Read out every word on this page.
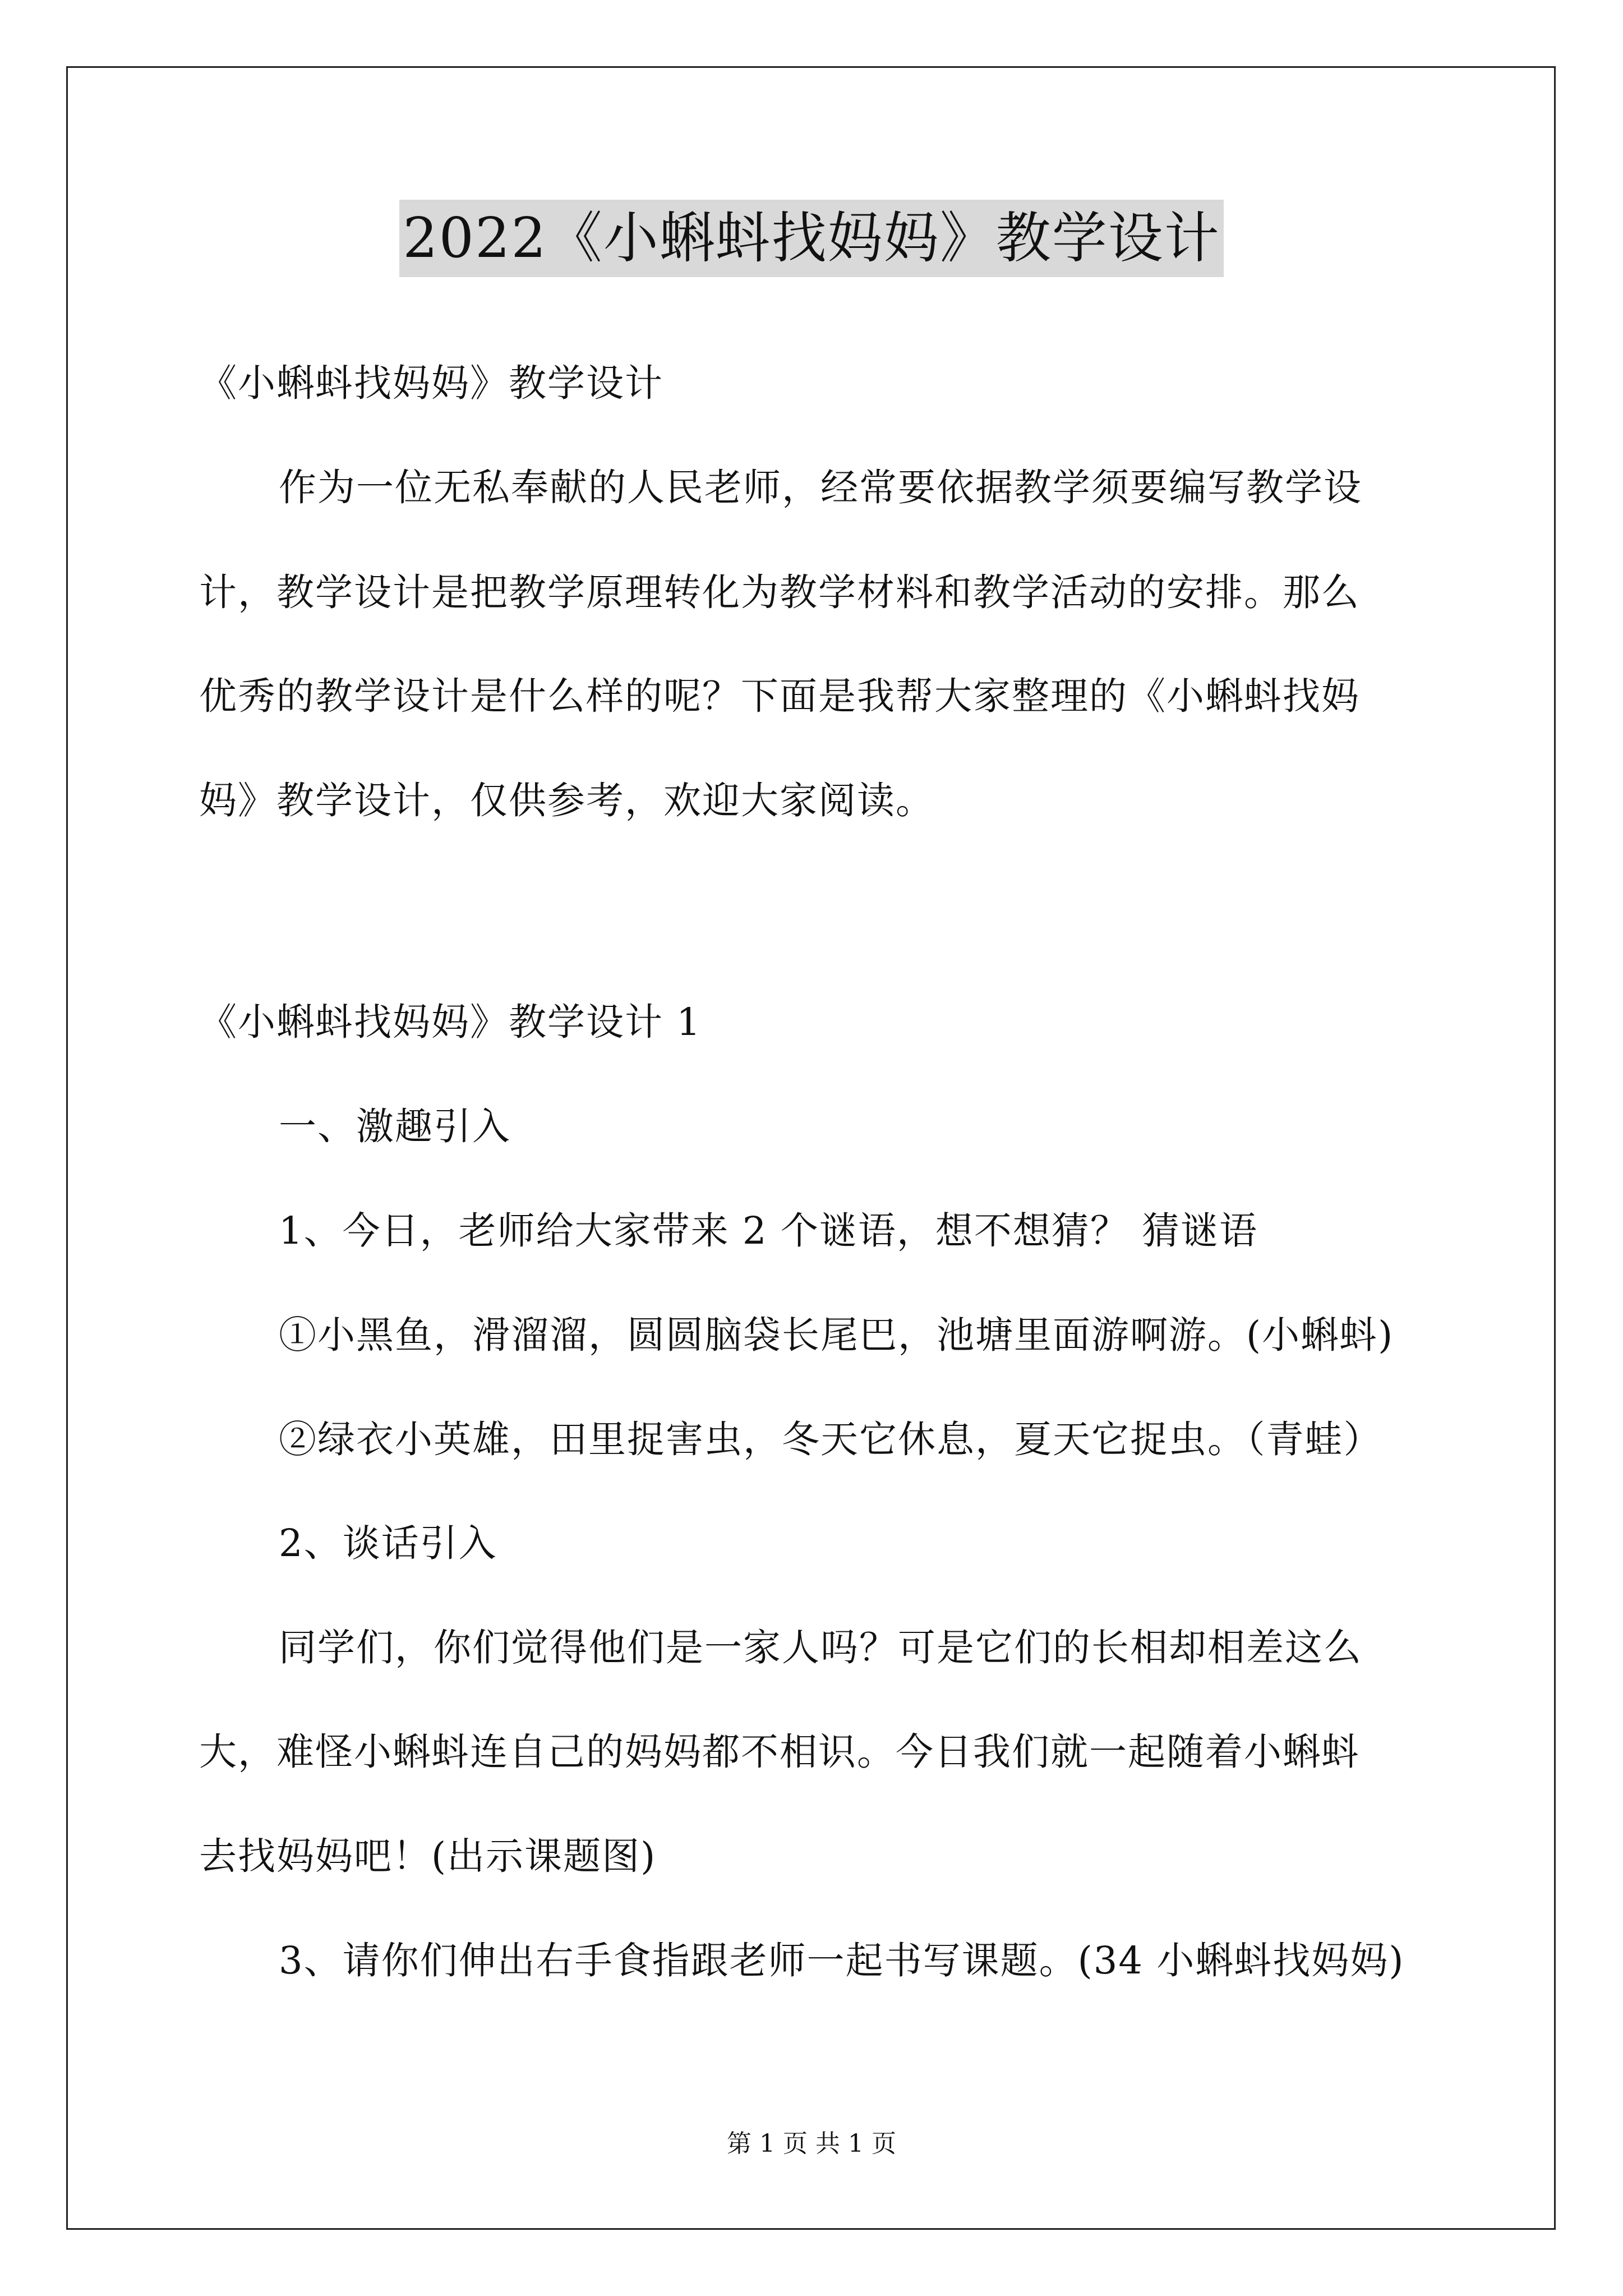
2022《小蝌蚪找妈妈》教学设计
《小蝌蚪找妈妈》教学设计
作为一位无私奉献的人民老师，经常要依据教学须要编写教学设
计，教学设计是把教学原理转化为教学材料和教学活动的安排。那么
优秀的教学设计是什么样的呢？下面是我帮大家整理的《小蝌蚪找妈
妈》教学设计，仅供参考，欢迎大家阅读。
《小蝌蚪找妈妈》教学设计 1
一、激趣引入
1、今日，老师给大家带来 2 个谜语，想不想猜？ 猜谜语
①小黑鱼，滑溜溜，圆圆脑袋长尾巴，池塘里面游啊游。(小蝌蚪)
②绿衣小英雄，田里捉害虫，冬天它休息，夏天它捉虫。（青蛙）
2、谈话引入
同学们，你们觉得他们是一家人吗？可是它们的长相却相差这么
大，难怪小蝌蚪连自己的妈妈都不相识。今日我们就一起随着小蝌蚪
去找妈妈吧！(出示课题图)
3、请你们伸出右手食指跟老师一起书写课题。(34 小蝌蚪找妈妈)
第 1 页 共 1 页
